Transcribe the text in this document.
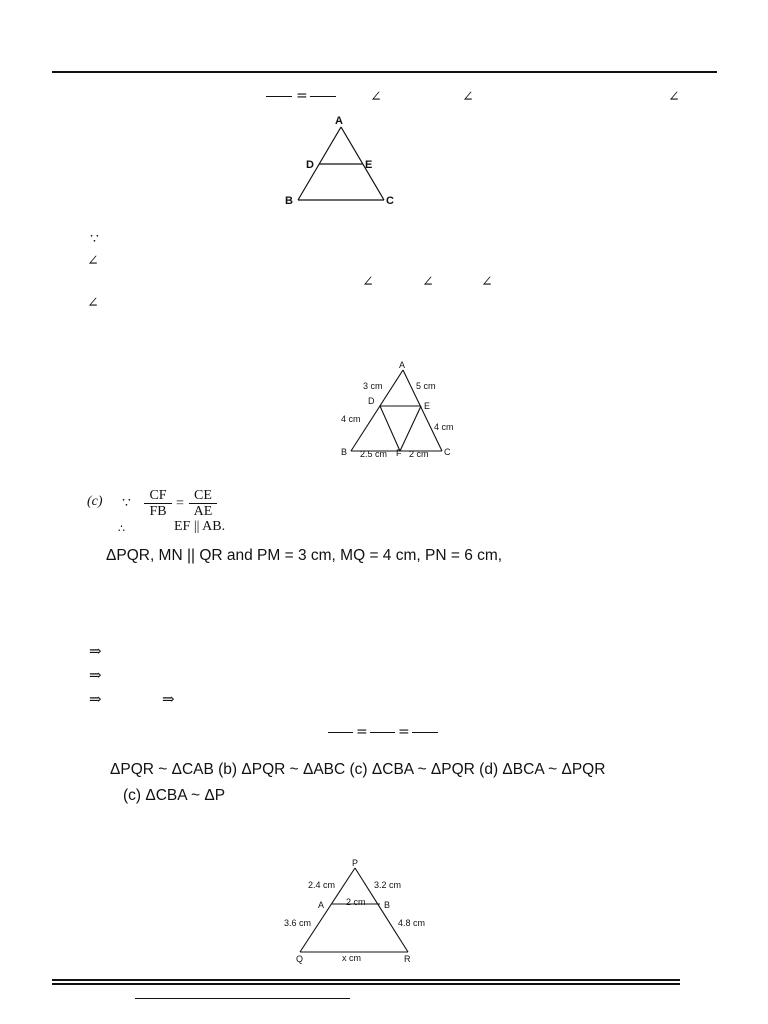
=	∠	∠	∠
A
D	E
B	C
∵
∠
∠	∠	∠
∠
A
3 cm	5 cm
D	E
4 cm
4 cm
B 2.5 cm F 2 cm C
(c) ∵	CF
FB
=
CE
AE
∴	EF || AB.
ΔPQR, MN || QR and PM = 3 cm, MQ = 4 cm, PN = 6 cm,
⇒
⇒
⇒	⇒
= =
ΔPQR ~ ΔCAB (b) ΔPQR ~ ΔABC (c) ΔCBA ~ ΔPQR (d) ΔBCA ~ ΔPQR
(c) ΔCBA ~ ΔP
P
2.4 cm	3.2 cm
A 2 cm B
3.6 cm	4.8 cm
Q	x cm	R
